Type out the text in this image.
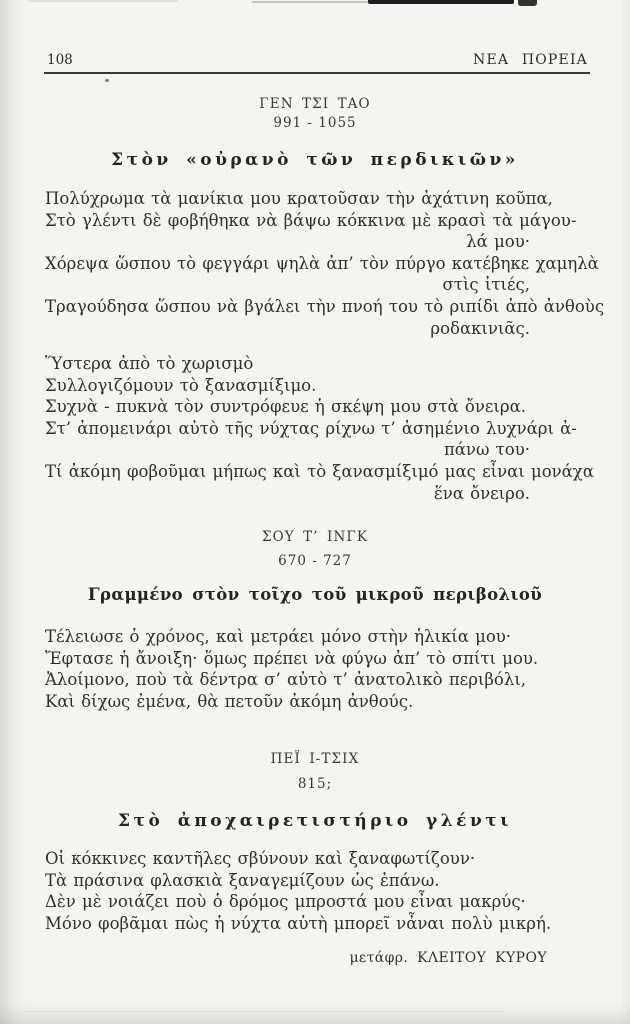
108	ΝΕΑ ΠΟΡΕΙΑ
ΓΕΝ ΤΣΙ ΤΑΟ
991 - 1055
Στὸν «οὐρανὸ τῶν περδικιῶν»
Πολύχρωμα τὰ μανίκια μου κρατοῦσαν τὴν ἀχάτινη κοῦπα,
Στὸ γλέντι δὲ φοβήθηκα νὰ βάψω κόκκινα μὲ κρασὶ τὰ μάγου-
λά μου·
Χόρεψα ὥσπου τὸ φεγγάρι ψηλὰ ἀπ’ τὸν πύργο κατέβηκε χαμηλὰ
στὶς ἰτιές,
Τραγούδησα ὥσπου νὰ βγάλει τὴν πνοή του τὸ ριπίδι ἀπὸ ἀνθοὺς
ροδακινιᾶς.
Ὕστερα ἀπὸ τὸ χωρισμὸ
Συλλογιζόμουν τὸ ξανασμίξιμο.
Συχνὰ - πυκνὰ τὸν συντρόφευε ἡ σκέψη μου στὰ ὄνειρα.
Στ’ ἀπομεινάρι αὐτὸ τῆς νύχτας ρίχνω τ’ ἀσημένιο λυχνάρι ἀ-
πάνω του·
Τί ἀκόμη φοβοῦμαι μήπως καὶ τὸ ξανασμίξιμό μας εἶναι μονάχα
ἕνα ὄνειρο.
ΣΟΥ Τ’ ΙΝΓΚ
670 - 727
Γραμμένο στὸν τοῖχο τοῦ μικροῦ περιβολιοῦ
Τέλειωσε ὁ χρόνος, καὶ μετράει μόνο στὴν ἡλικία μου·
Ἔφτασε ἡ ἄνοιξη· ὅμως πρέπει νὰ φύγω ἀπ’ τὸ σπίτι μου.
Ἀλοίμονο, ποὺ τὰ δέντρα σ’ αὐτὸ τ’ ἀνατολικὸ περιβόλι,
Καὶ δίχως ἐμένα, θὰ πετοῦν ἀκόμη ἀνθούς.
ΠΕΪ Ι-ΤΣΙΧ
815;
Στὸ ἀποχαιρετιστήριο γλέντι
Οἱ κόκκινες καντῆλες σβύνουν καὶ ξαναφωτίζουν·
Τὰ πράσινα φλασκιὰ ξαναγεμίζουν ὡς ἐπάνω.
Δὲν μὲ νοιάζει ποὺ ὁ δρόμος μπροστά μου εἶναι μακρύς·
Μόνο φοβᾶμαι πὼς ἡ νύχτα αὐτὴ μπορεῖ νἆναι πολὺ μικρή.
μετάφρ. ΚΛΕΙΤΟΥ ΚΥΡΟΥ
